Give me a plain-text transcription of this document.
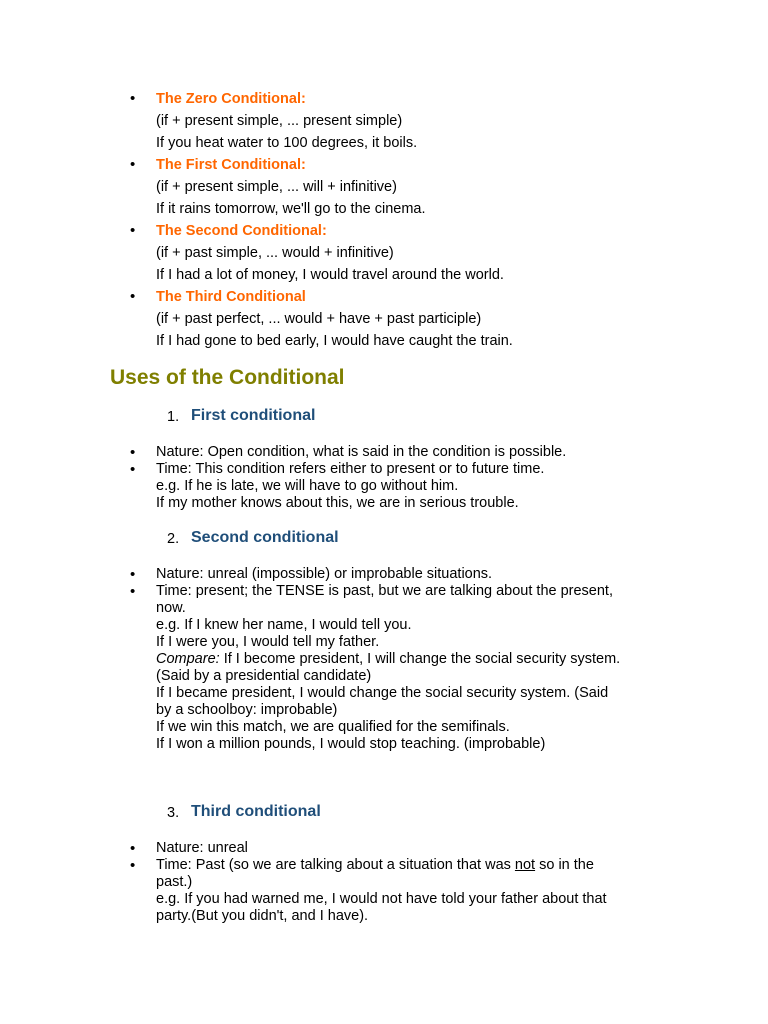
• The Zero Conditional:
(if + present simple, ... present simple)
If you heat water to 100 degrees, it boils.
• The First Conditional:
(if + present simple, ... will + infinitive)
If it rains tomorrow, we'll go to the cinema.
• The Second Conditional:
(if + past simple, ... would + infinitive)
If I had a lot of money, I would travel around the world.
• The Third Conditional
(if + past perfect, ... would + have + past participle)
If I had gone to bed early, I would have caught the train.
Uses of the Conditional
1. First conditional
• Nature: Open condition, what is said in the condition is possible.
• Time: This condition refers either to present or to future time.
e.g. If he is late, we will have to go without him.
If my mother knows about this, we are in serious trouble.
2. Second conditional
• Nature: unreal (impossible) or improbable situations.
• Time: present; the TENSE is past, but we are talking about the present,
now.
e.g. If I knew her name, I would tell you.
If I were you, I would tell my father.
Compare: If I become president, I will change the social security system.
(Said by a presidential candidate)
If I became president, I would change the social security system. (Said
by a schoolboy: improbable)
If we win this match, we are qualified for the semifinals.
If I won a million pounds, I would stop teaching. (improbable)
3. Third conditional
• Nature: unreal
• Time: Past (so we are talking about a situation that was not so in the
past.)
e.g. If you had warned me, I would not have told your father about that
party.(But you didn't, and I have).
